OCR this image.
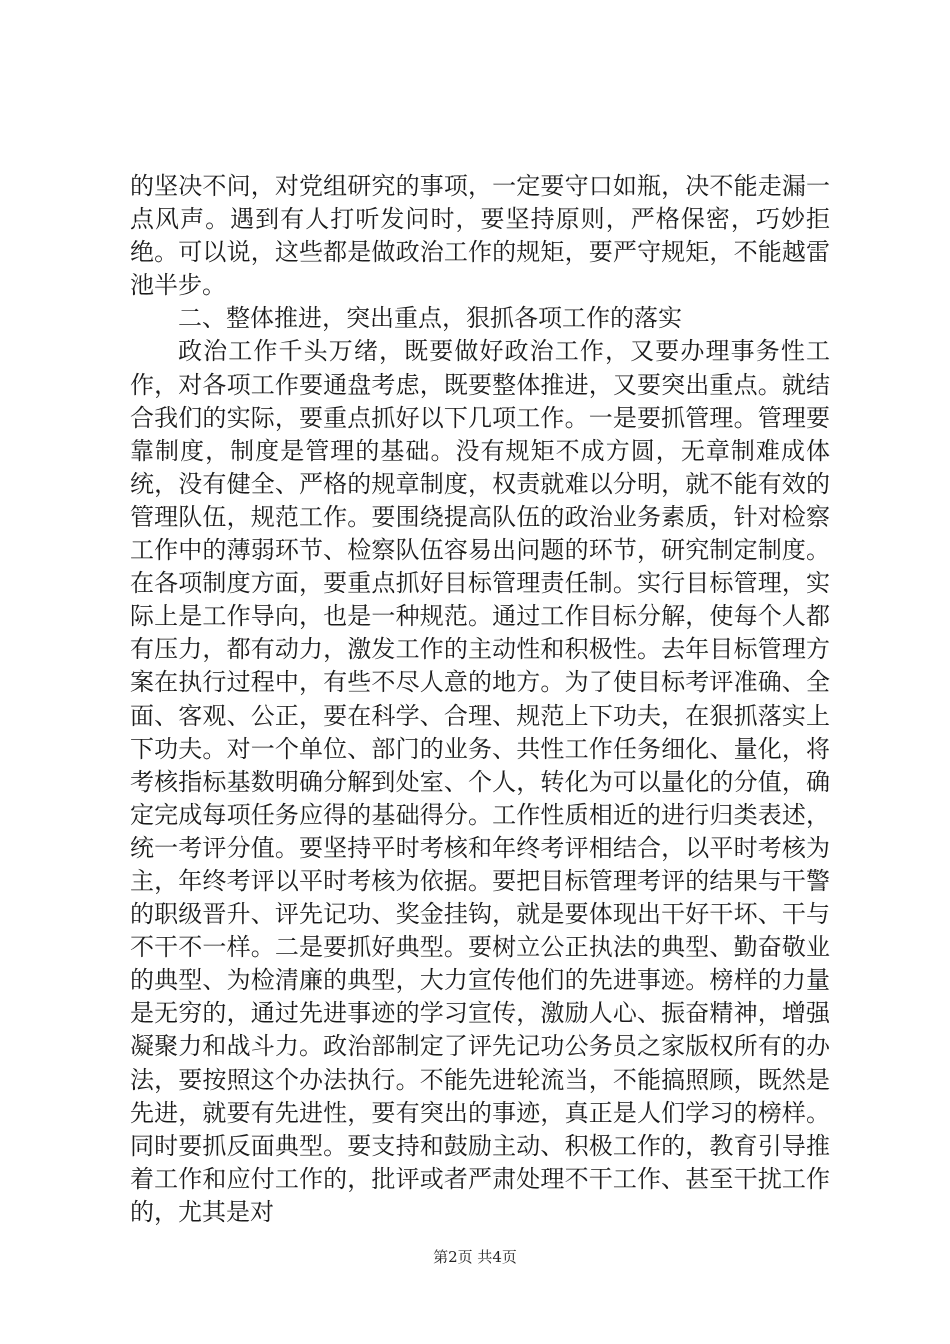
的坚决不问，对党组研究的事项，一定要守口如瓶，决不能走漏一点风声。遇到有人打听发问时，要坚持原则，严格保密，巧妙拒绝。可以说，这些都是做政治工作的规矩，要严守规矩，不能越雷池半步。

二、整体推进，突出重点，狠抓各项工作的落实

政治工作千头万绪，既要做好政治工作，又要办理事务性工作，对各项工作要通盘考虑，既要整体推进，又要突出重点。就结合我们的实际，要重点抓好以下几项工作。一是要抓管理。管理要靠制度，制度是管理的基础。没有规矩不成方圆，无章制难成体统，没有健全、严格的规章制度，权责就难以分明，就不能有效的管理队伍，规范工作。要围绕提高队伍的政治业务素质，针对检察工作中的薄弱环节、检察队伍容易出问题的环节，研究制定制度。在各项制度方面，要重点抓好目标管理责任制。实行目标管理，实际上是工作导向，也是一种规范。通过工作目标分解，使每个人都有压力，都有动力，激发工作的主动性和积极性。去年目标管理方案在执行过程中，有些不尽人意的地方。为了使目标考评准确、全面、客观、公正，要在科学、合理、规范上下功夫，在狠抓落实上下功夫。对一个单位、部门的业务、共性工作任务细化、量化，将考核指标基数明确分解到处室、个人，转化为可以量化的分值，确定完成每项任务应得的基础得分。工作性质相近的进行归类表述，统一考评分值。要坚持平时考核和年终考评相结合，以平时考核为主，年终考评以平时考核为依据。要把目标管理考评的结果与干警的职级晋升、评先记功、奖金挂钩，就是要体现出干好干坏、干与不干不一样。二是要抓好典型。要树立公正执法的典型、勤奋敬业的典型、为检清廉的典型，大力宣传他们的先进事迹。榜样的力量是无穷的，通过先进事迹的学习宣传，激励人心、振奋精神，增强凝聚力和战斗力。政治部制定了评先记功公务员之家版权所有的办法，要按照这个办法执行。不能先进轮流当，不能搞照顾，既然是先进，就要有先进性，要有突出的事迹，真正是人们学习的榜样。同时要抓反面典型。要支持和鼓励主动、积极工作的，教育引导推着工作和应付工作的，批评或者严肃处理不干工作、甚至干扰工作的，尤其是对

第2页 共4页
